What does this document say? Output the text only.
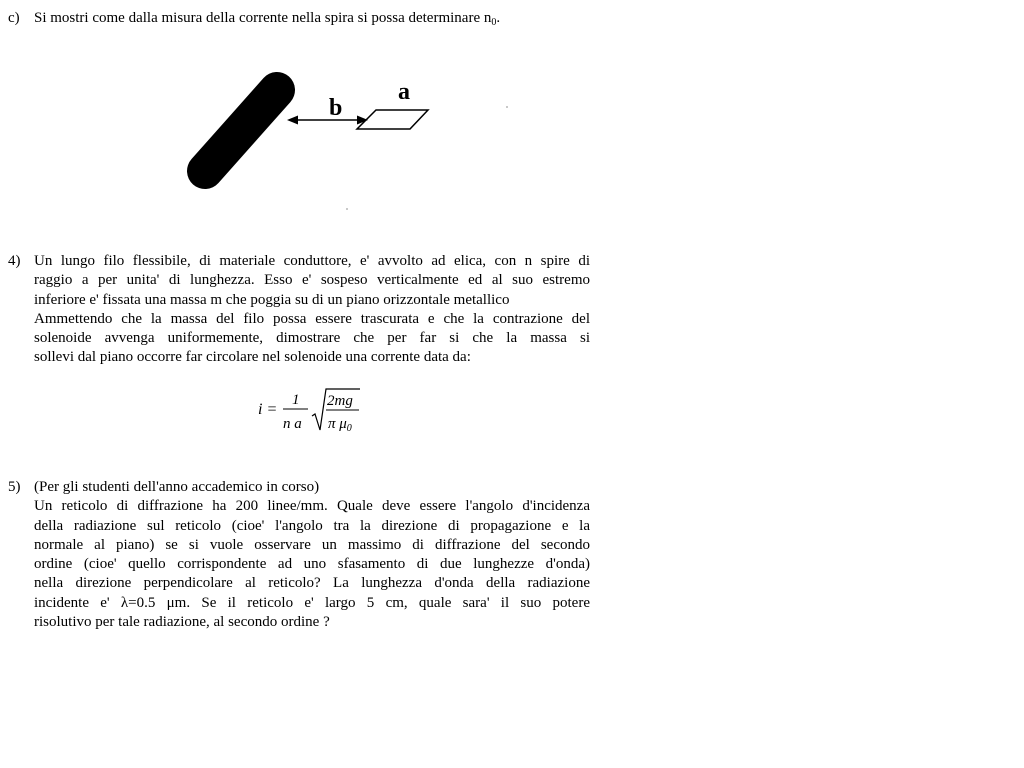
c) Si mostri come dalla misura della corrente nella spira si possa determinare $n_0$.
b
a
4) Un lungo filo flessibile, di materiale conduttore, e' avvolto ad elica, con n spire di
raggio a per unita' di lunghezza. Esso e' sospeso verticalmente ed al suo estremo
inferiore e' fissata una massa m che poggia su di un piano orizzontale metallico
Ammettendo che la massa del filo possa essere trascurata e che la contrazione del
solenoide avvenga uniformemente, dimostrare che per far si che la massa si
sollevi dal piano occorre far circolare nel solenoide una corrente data da:
i =
1
n a
2mg
π $\mu_0$
5) (Per gli studenti dell'anno accademico in corso)
Un reticolo di diffrazione ha 200 linee/mm. Quale deve essere l'angolo d'incidenza
della radiazione sul reticolo (cioe' l'angolo tra la direzione di propagazione e la
normale al piano) se si vuole osservare un massimo di diffrazione del secondo
ordine (cioe' quello corrispondente ad uno sfasamento di due lunghezze d'onda)
nella direzione perpendicolare al reticolo? La lunghezza d'onda della radiazione
incidente e' λ=0.5 μm. Se il reticolo e' largo 5 cm, quale sara' il suo potere
risolutivo per tale radiazione, al secondo ordine ?
